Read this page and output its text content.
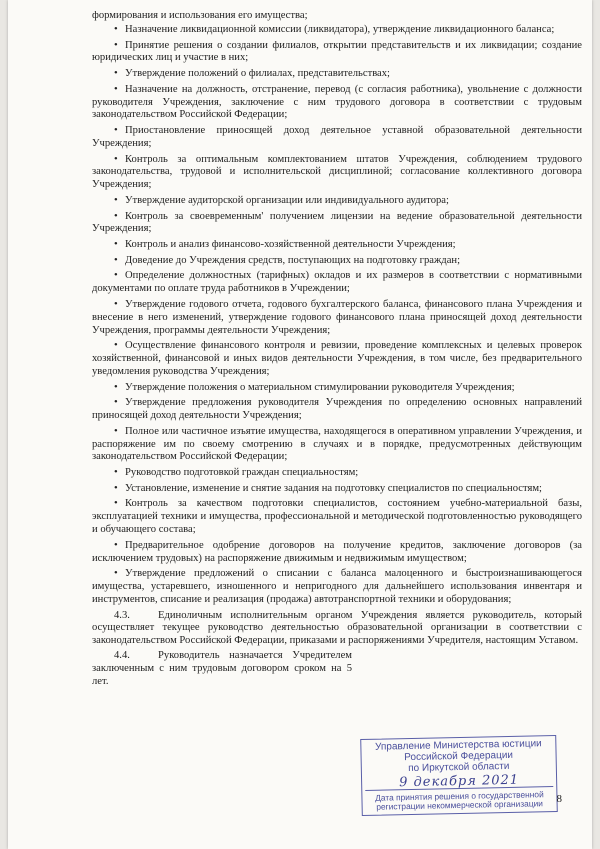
формирования и использования его имущества;

• Назначение ликвидационной комиссии (ликвидатора), утверждение ликвидационного баланса;
• Принятие решения о создании филиалов, открытии представительств и их ликвидации; создание юридических лиц и участие в них;
• Утверждение положений о филиалах, представительствах;
• Назначение на должность, отстранение, перевод (с согласия работника), увольнение с должности руководителя Учреждения, заключение с ним трудового договора в соответствии с трудовым законодательством Российской Федерации;
• Приостановление приносящей доход деятельное уставной образовательной деятельности Учреждения;
• Контроль за оптимальным комплектованием штатов Учреждения, соблюдением трудового законодательства, трудовой и исполнительской дисциплиной; согласование коллективного договора Учреждения;
• Утверждение аудиторской организации или индивидуального аудитора;
• Контроль за своевременным' получением лицензии на ведение образовательной деятельности Учреждения;
• Контроль и анализ финансово-хозяйственной деятельности Учреждения;
• Доведение до Учреждения средств, поступающих на подготовку граждан;
• Определение должностных (тарифных) окладов и их размеров в соответствии с нормативными документами по оплате труда работников в Учреждении;
• Утверждение годового отчета, годового бухгалтерского баланса, финансового плана Учреждения и внесение в него изменений, утверждение годового финансового плана приносящей доход деятельности Учреждения, программы деятельности Учреждения;
• Осуществление финансового контроля и ревизии, проведение комплексных и целевых проверок хозяйственной, финансовой и иных видов деятельности Учреждения, в том числе, без предварительного уведомления руководства Учреждения;
• Утверждение положения о материальном стимулировании руководителя Учреждения;
• Утверждение предложения руководителя Учреждения по определению основных направлений приносящей доход деятельности Учреждения;
• Полное или частичное изъятие имущества, находящегося в оперативном управлении Учреждения, и распоряжение им по своему смотрению в случаях и в порядке, предусмотренных действующим законодательством Российской Федерации;
• Руководство подготовкой граждан специальностям;
• Установление, изменение и снятие задания на подготовку специалистов по специальностям;
• Контроль за качеством подготовки специалистов, состоянием учебно-материальной базы, эксплуатацией техники и имущества, профессиональной и методической подготовленностью руководящего и обучающего состава;
• Предварительное одобрение договоров на получение кредитов, заключение договоров (за исключением трудовых) на распоряжение движимым и недвижимым имуществом;
• Утверждение предложений о списании с баланса малоценного и быстроизнашивающегося имущества, устаревшего, изношенного и непригодного для дальнейшего использования инвентаря и инструментов, списание и реализация (продажа) автотранспортной техники и оборудования;

4.3.	Единоличным исполнительным органом Учреждения является руководитель, который осуществляет текущее руководство деятельностью образовательной организации в соответствии с законодательством Российской Федерации, приказами и распоряжениями Учредителя, настоящим Уставом.

4.4.	Руководитель назначается Учредителем заключенным с ним трудовым договором сроком на 5 лет.

Управление Министерства юстиции
Российской Федерации
по Иркутской области
9 декабря 2021
Дата принятия решения о государственной регистрации некоммерческой организации	8
